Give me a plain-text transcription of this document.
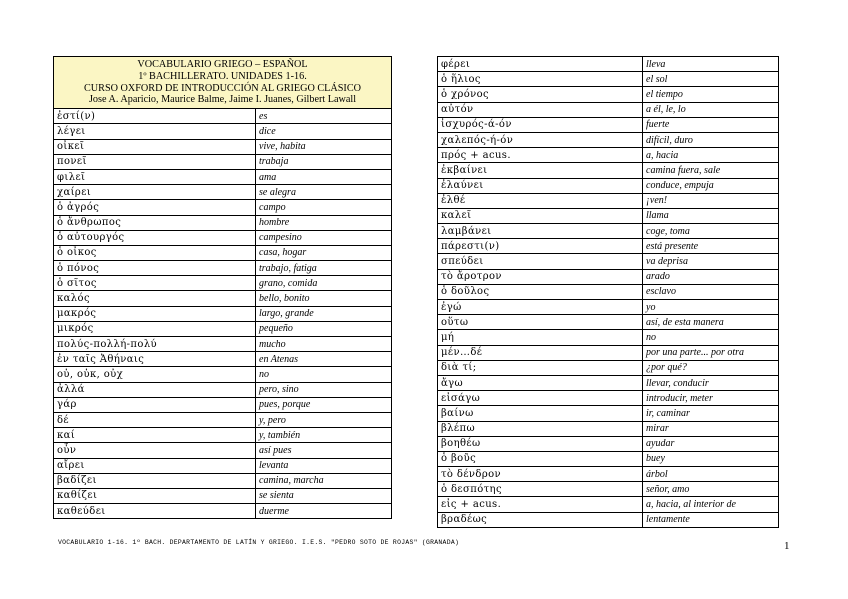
VOCABULARIO GRIEGO – ESPAÑOL
1º BACHILLERATO. UNIDADES 1-16.
CURSO OXFORD DE INTRODUCCIÓN AL GRIEGO CLÁSICO
Jose A. Aparicio, Maurice Balme, Jaime I. Juanes, Gilbert Lawall	

ἐστί(ν)	es
λέγει	dice
οἰκεῖ	vive, habita
πονεῖ	trabaja
φιλεῖ	ama
χαίρει	se alegra
ὁ ἀγρός	campo
ὁ ἄνθρωπος	hombre
ὁ αὐτουργός	campesino
ὁ οἶκος	casa, hogar
ὁ πόνος	trabajo, fatiga
ὁ σῖτος	grano, comida
καλός	bello, bonito
μακρός	largo, grande
μικρός	pequeño
πολύς-πολλή-πολύ	mucho
ἐν ταῖς Ἀθήναις	en Atenas
οὐ, οὐκ, οὐχ	no
ἀλλά	pero, sino
γάρ	pues, porque
δέ	y, pero
καί	y, también
οὖν	así pues
αἴρει	levanta
βαδίζει	camina, marcha
καθίζει	se sienta
καθεύδει	duerme
φέρει	lleva
ὁ ἥλιος	el sol
ὁ χρόνος	el tiempo
αὐτόν	a él, le, lo
ἰσχυρός-ά-όν	fuerte
χαλεπός-ή-όν	difícil, duro
πρός + acus.	a, hacia
ἐκβαίνει	camina fuera, sale
ἐλαύνει	conduce, empuja
ἐλθέ	¡ven!
καλεῖ	llama
λαμβάνει	coge, toma
πάρεστι(ν)	está presente
σπεύδει	va deprisa
τὸ ἄροτρον	arado
ὁ δοῦλος	esclavo
ἐγώ	yo
οὕτω	así, de esta manera
μή	no
μέν…δέ	por una parte... por otra
διὰ τί;	¿por qué?
ἄγω	llevar, conducir
εἰσάγω	introducir, meter
βαίνω	ir, caminar
βλέπω	mirar
βοηθέω	ayudar
ὁ βοῦς	buey
τὸ δένδρον	árbol
ὁ δεσπότης	señor, amo
εἰς + acus.	a, hacia, al interior de
βραδέως	lentamente
VOCABULARIO 1-16. 1º BACH. DEPARTAMENTO DE LATÍN Y GRIEGO. I.E.S. "PEDRO SOTO DE ROJAS" (GRANADA)	1
